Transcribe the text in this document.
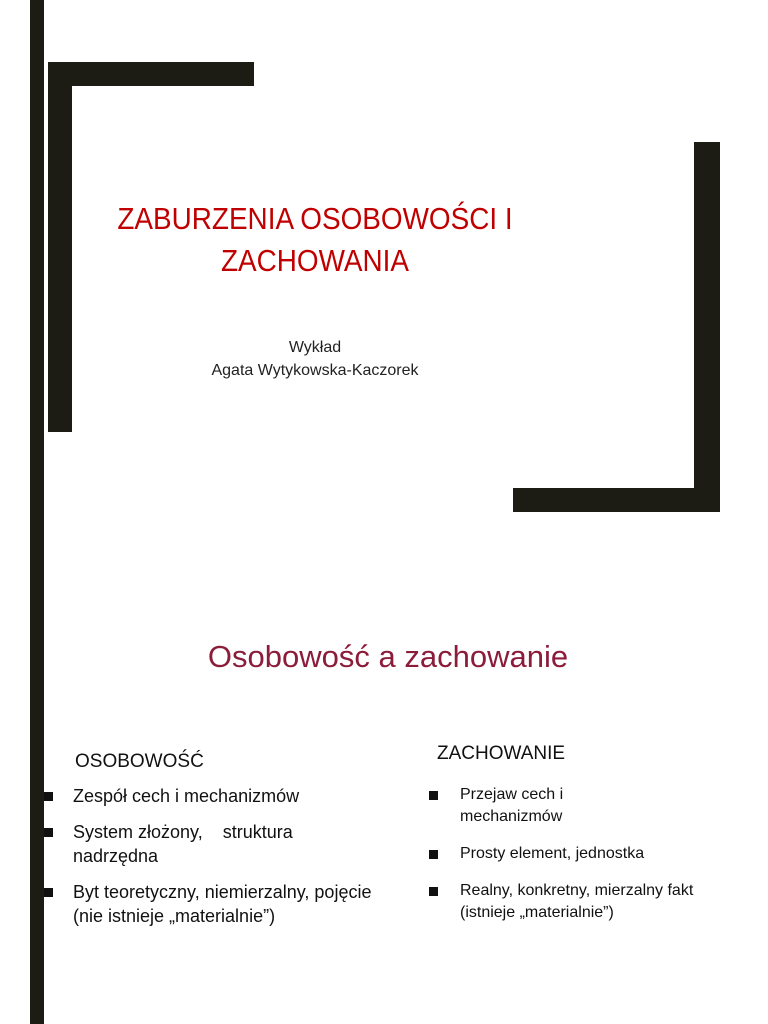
ZABURZENIA OSOBOWOŚCI I
ZACHOWANIA
Wykład
Agata Wytykowska-Kaczorek
Osobowość a zachowanie
OSOBOWOŚĆ
Zespół cech i mechanizmów
System złożony,    struktura nadrzędna
Byt teoretyczny, niemierzalny, pojęcie  (nie istnieje „materialnie”)
ZACHOWANIE
Przejaw cech i mechanizmów
Prosty element, jednostka
Realny, konkretny, mierzalny fakt (istnieje „materialnie”)
